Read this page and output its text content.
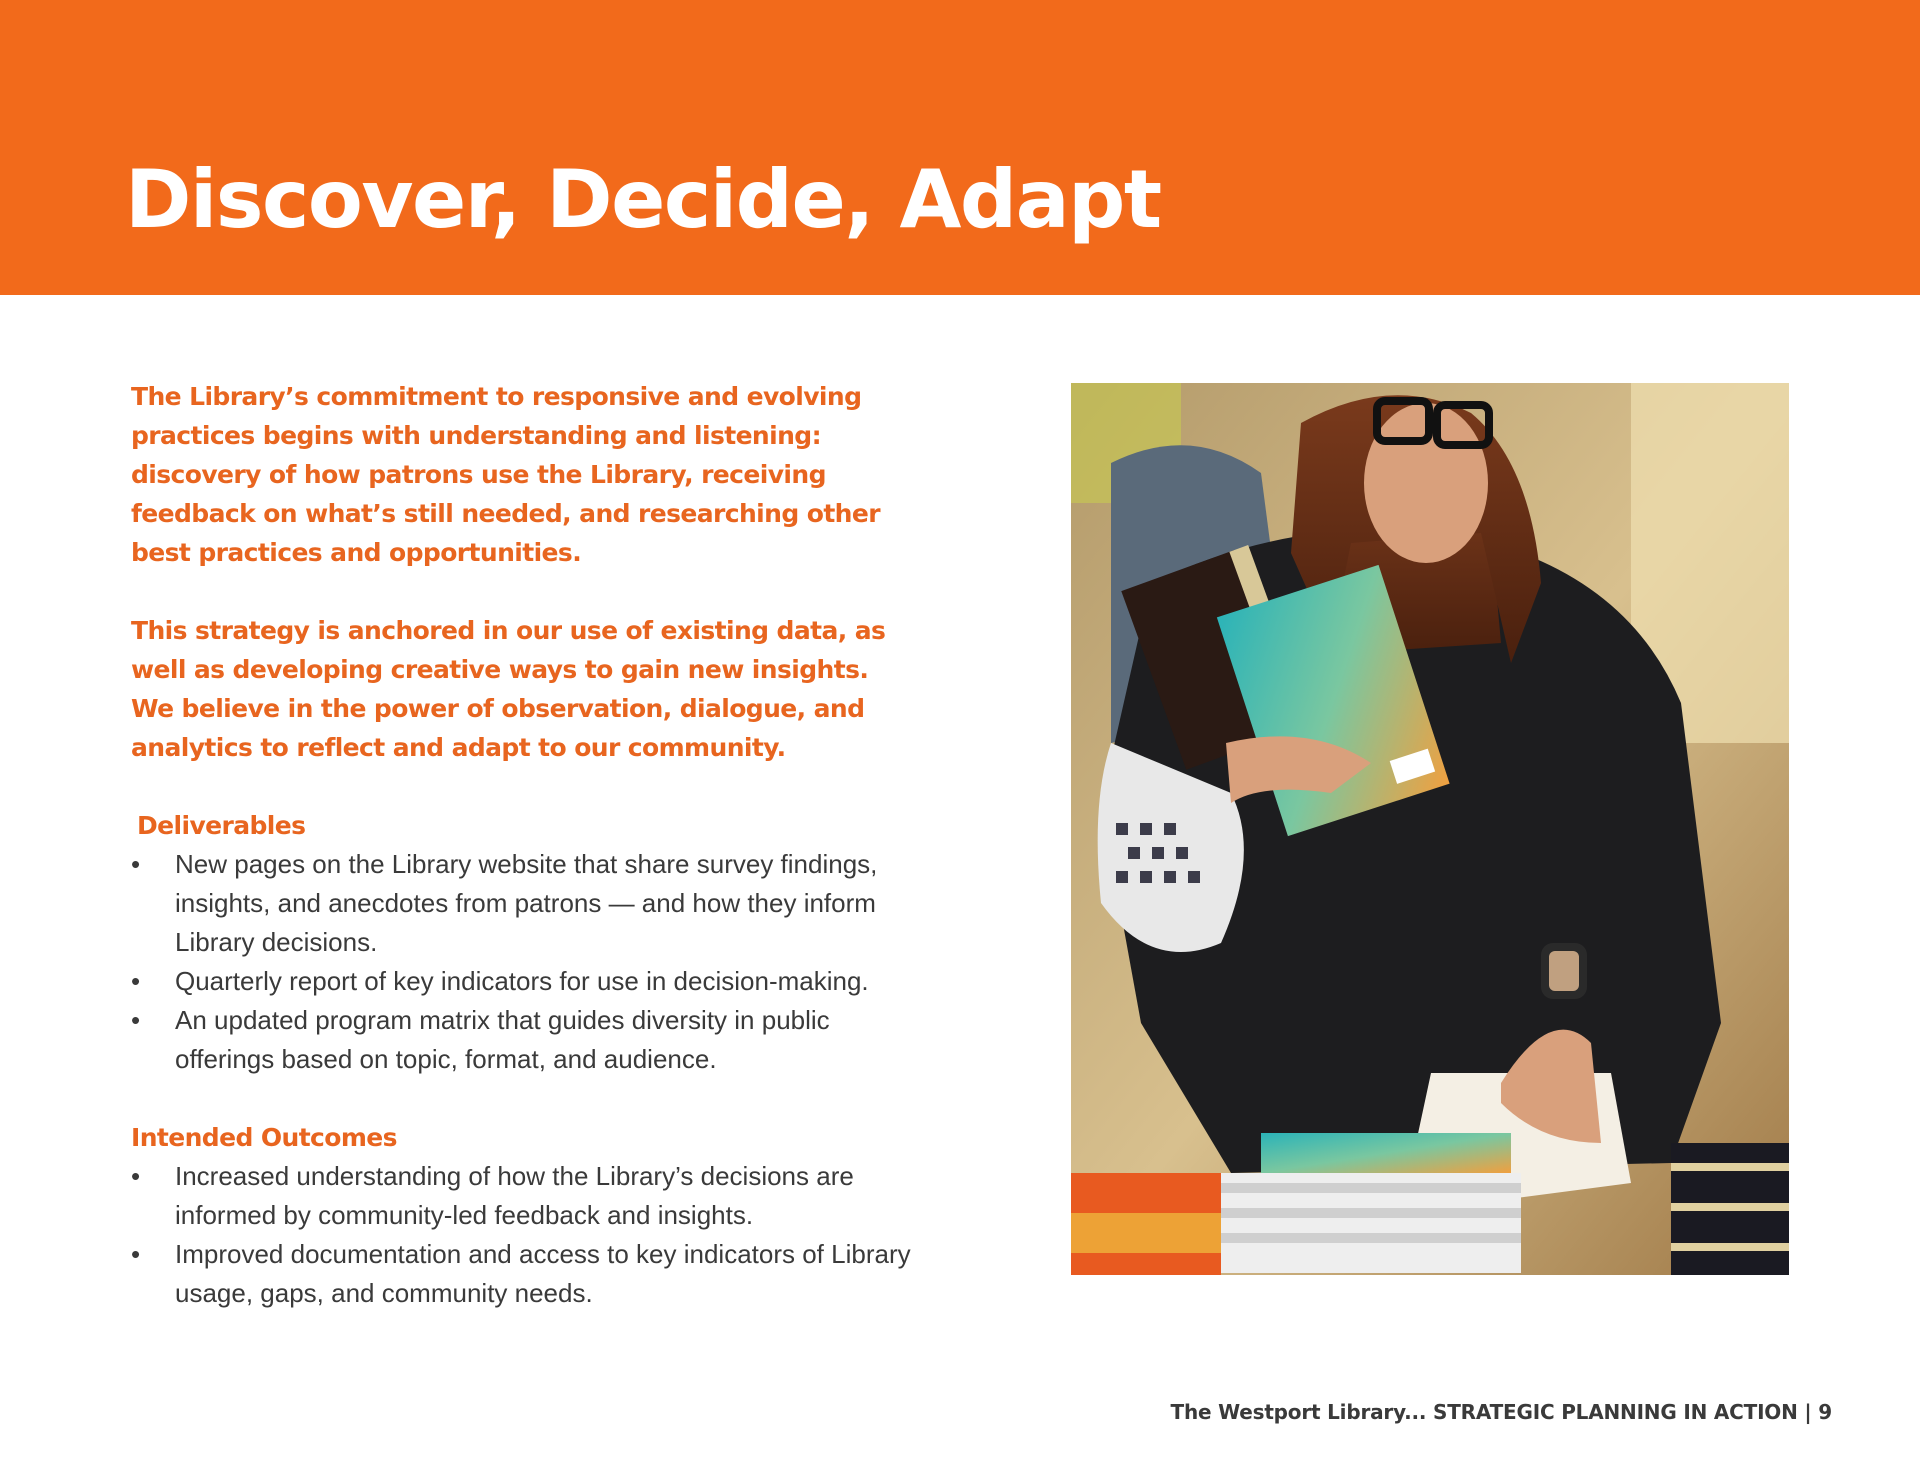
Discover, Decide, Adapt

The Library’s commitment to responsive and evolving practices begins with understanding and listening: discovery of how patrons use the Library, receiving feedback on what’s still needed, and researching other best practices and opportunities.

This strategy is anchored in our use of existing data, as well as developing creative ways to gain new insights. We believe in the power of observation, dialogue, and analytics to reflect and adapt to our community.

Deliverables
• New pages on the Library website that share survey findings, insights, and anecdotes from patrons — and how they inform Library decisions.
• Quarterly report of key indicators for use in decision-making.
• An updated program matrix that guides diversity in public offerings based on topic, format, and audience.
Intended Outcomes
• Increased understanding of how the Library’s decisions are informed by community-led feedback and insights.
• Improved documentation and access to key indicators of Library usage, gaps, and community needs.
The Westport Library... STRATEGIC PLANNING IN ACTION | 9
